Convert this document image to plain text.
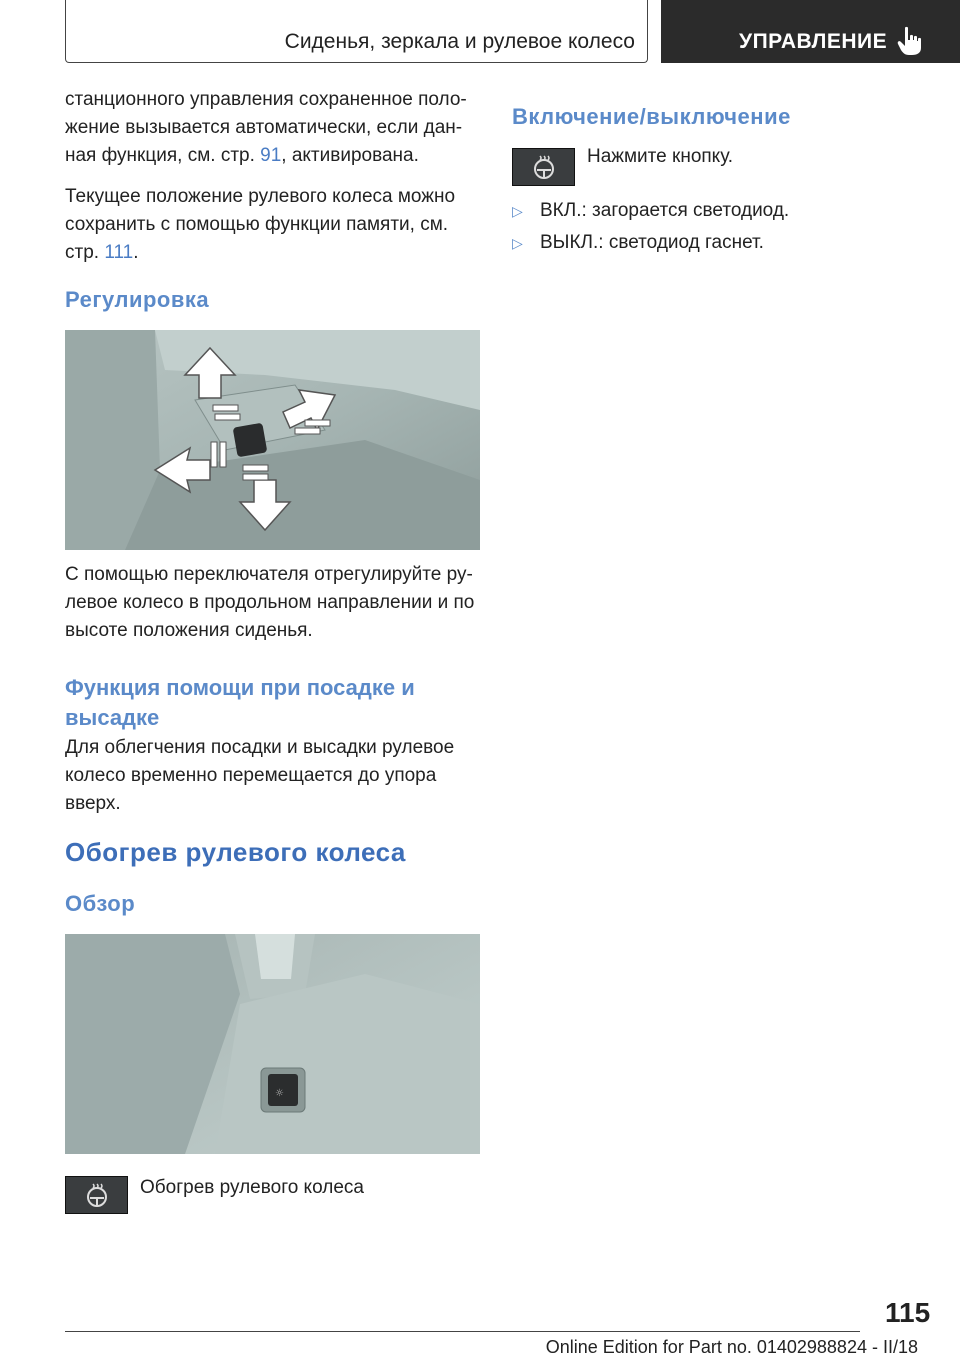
Сиденья, зеркала и рулевое колесо	УПРАВЛЕНИЕ

станционного управления сохраненное поло-

жение вызывается автоматически, если дан-

ная функция, см. стр. 91, активирована.

Текущее положение рулевого колеса можно

сохранить с помощью функции памяти, см.

стр. 111.

Регулировка

С помощью переключателя отрегулируйте ру-

левое колесо в продольном направлении и по

высоте положения сиденья.

Функция помощи при посадке и
высадке

Для облегчения посадки и высадки рулевое

колесо временно перемещается до упора

вверх.

Обогрев рулевого колеса
Обзор
☼

Обогрев рулевого колеса

Включение/выключение

Нажмите кнопку.

▷ ВКЛ.: загорается светодиод.
▷ ВЫКЛ.: светодиод гаснет.
115
Online Edition for Part no. 01402988824 - II/18
